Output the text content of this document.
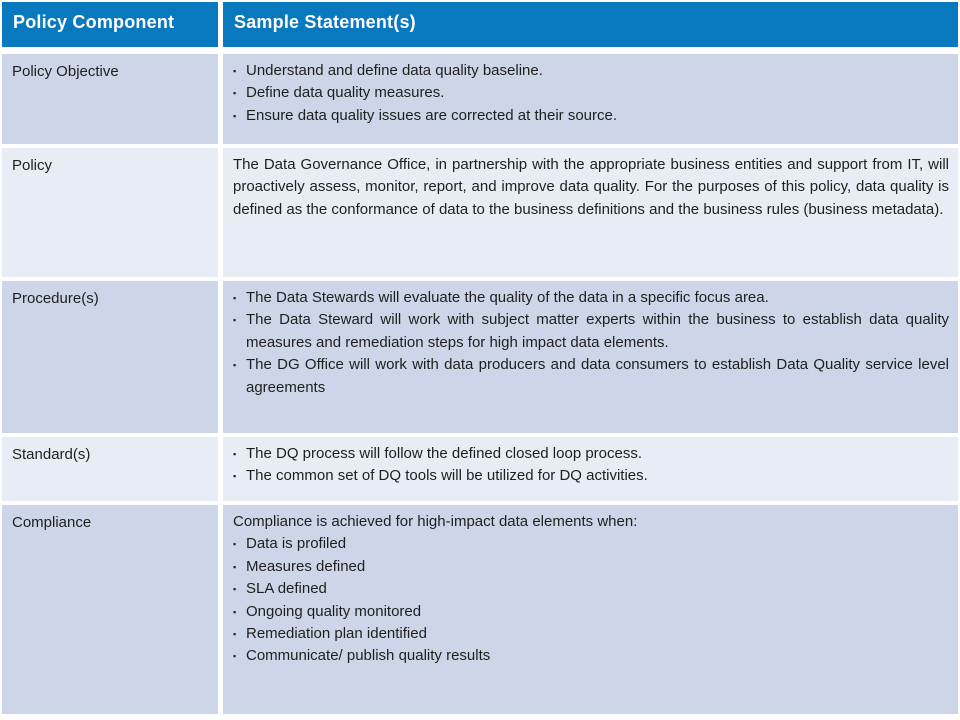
Policy Component	Sample Statement(s)
Policy Objective	▪ Understand and define data quality baseline.
▪ Define data quality measures.
▪ Ensure data quality issues are corrected at their source.
Policy	The Data Governance Office, in partnership with the appropriate business entities and support from IT, will proactively assess, monitor, report, and improve data quality. For the purposes of this policy, data quality is defined as the conformance of data to the business definitions and the business rules (business metadata).
Procedure(s)	▪ The Data Stewards will evaluate the quality of the data in a specific focus area.
▪ The Data Steward will work with subject matter experts within the business to establish data quality measures and remediation steps for high impact data elements.
▪ The DG Office will work with data producers and data consumers to establish Data Quality service level agreements
Standard(s)	▪ The DQ process will follow the defined closed loop process.
▪ The common set of DQ tools will be utilized for DQ activities.
Compliance	Compliance is achieved for high-impact data elements when:
▪ Data is profiled
▪ Measures defined
▪ SLA defined
▪ Ongoing quality monitored
▪ Remediation plan identified
▪ Communicate/ publish quality results
